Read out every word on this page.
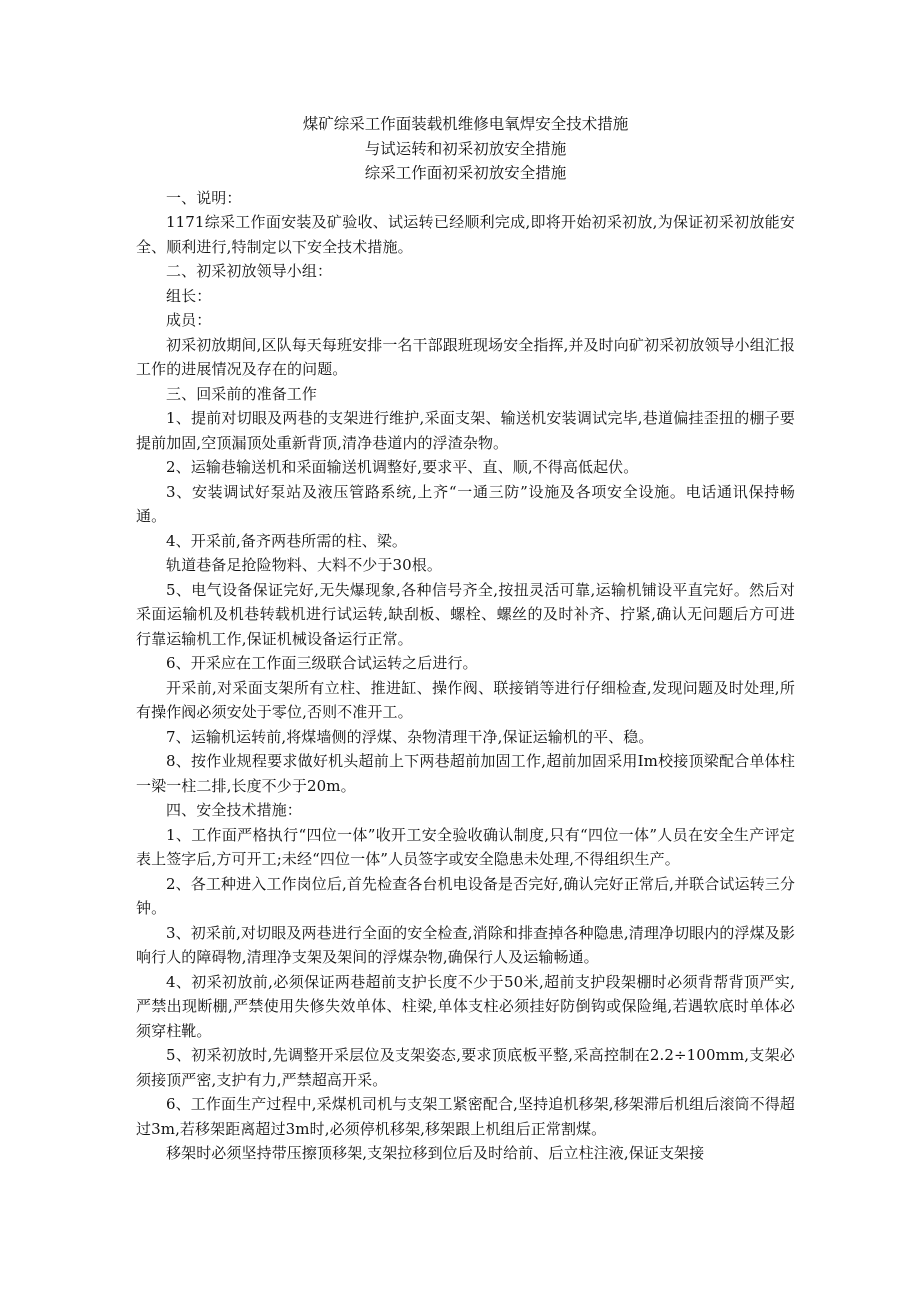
煤矿综采工作面装载机维修电氧焊安全技术措施
与试运转和初采初放安全措施
综采工作面初采初放安全措施

一、说明：

1171综采工作面安装及矿验收、试运转已经顺利完成,即将开始初采初放,为保证初采初放能安全、顺利进行,特制定以下安全技术措施。

二、初采初放领导小组：

组长：

成员：

初采初放期间,区队每天每班安排一名干部跟班现场安全指挥,并及时向矿初采初放领导小组汇报工作的进展情况及存在的问题。

三、回采前的准备工作

1、提前对切眼及两巷的支架进行维护,采面支架、输送机安装调试完毕,巷道偏挂歪扭的棚子要提前加固,空顶漏顶处重新背顶,清净巷道内的浮渣杂物。

2、运输巷输送机和采面输送机调整好,要求平、直、顺,不得高低起伏。

3、安装调试好泵站及液压管路系统,上齐“一通三防”设施及各项安全设施。电话通讯保持畅通。

4、开采前,备齐两巷所需的柱、梁。

轨道巷备足抢险物料、大料不少于30根。

5、电气设备保证完好,无失爆现象,各种信号齐全,按扭灵活可靠,运输机铺设平直完好。然后对采面运输机及机巷转载机进行试运转,缺刮板、螺栓、螺丝的及时补齐、拧紧,确认无问题后方可进行靠运输机工作,保证机械设备运行正常。

6、开采应在工作面三级联合试运转之后进行。

开采前,对采面支架所有立柱、推进缸、操作阀、联接销等进行仔细检查,发现问题及时处理,所有操作阀必须安处于零位,否则不准开工。

7、运输机运转前,将煤墙侧的浮煤、杂物清理干净,保证运输机的平、稳。

8、按作业规程要求做好机头超前上下两巷超前加固工作,超前加固采用Im校接顶梁配合单体柱一梁一柱二排,长度不少于20m。

四、安全技术措施：

1、工作面严格执行“四位一体”收开工安全验收确认制度,只有“四位一体”人员在安全生产评定表上签字后,方可开工;未经“四位一体”人员签字或安全隐患未处理,不得组织生产。

2、各工种进入工作岗位后,首先检查各台机电设备是否完好,确认完好正常后,并联合试运转三分钟。

3、初采前,对切眼及两巷进行全面的安全检查,消除和排查掉各种隐患,清理净切眼内的浮煤及影响行人的障碍物,清理净支架及架间的浮煤杂物,确保行人及运输畅通。

4、初采初放前,必须保证两巷超前支护长度不少于50米,超前支护段架棚时必须背帮背顶严实,严禁出现断棚,严禁使用失修失效单体、柱梁,单体支柱必须挂好防倒钩或保险绳,若遇软底时单体必须穿柱靴。

5、初采初放时,先调整开采层位及支架姿态,要求顶底板平整,采高控制在2.2÷100mm,支架必须接顶严密,支护有力,严禁超高开采。

6、工作面生产过程中,采煤机司机与支架工紧密配合,坚持追机移架,移架滞后机组后滚筒不得超过3m,若移架距离超过3m时,必须停机移架,移架跟上机组后正常割煤。

移架时必须坚持带压擦顶移架,支架拉移到位后及时给前、后立柱注液,保证支架接
